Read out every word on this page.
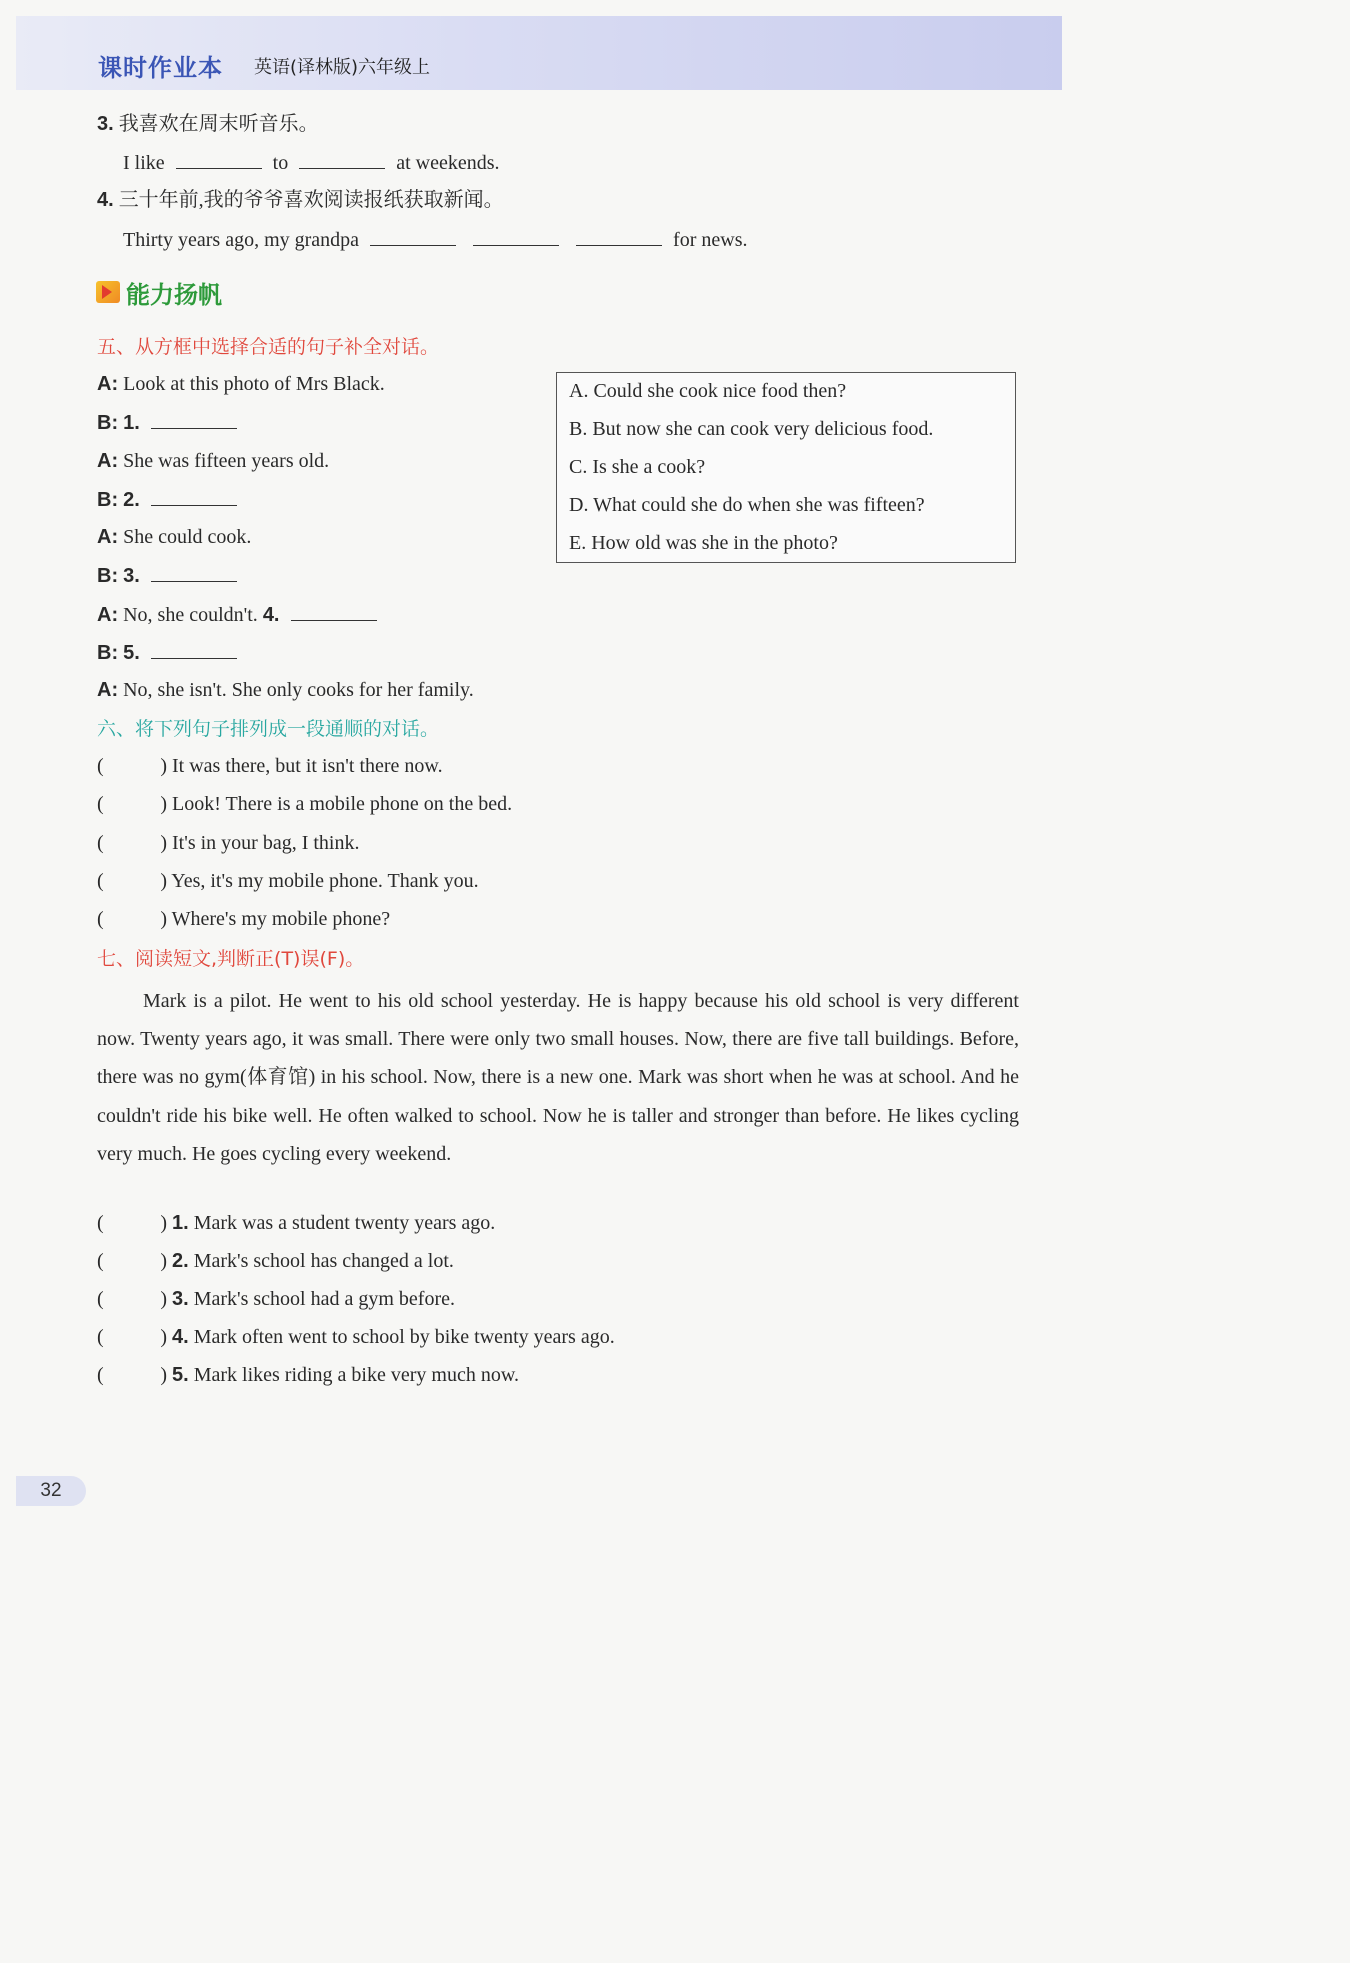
课时作业本 英语(译林版)六年级上
3. 我喜欢在周末听音乐。
I like	to	at weekends.
4. 三十年前,我的爷爷喜欢阅读报纸获取新闻。
Thirty years ago, my grandpa	for news.
能力扬帆
五、从方框中选择合适的句子补全对话。
A: Look at this photo of Mrs Black.
B: 1.
A: She was fifteen years old.
B: 2.
A: She could cook.
B: 3.
A: No, she couldn't. 4.
B: 5.
A: No, she isn't. She only cooks for her family.
A. Could she cook nice food then?
B. But now she can cook very delicious food.
C. Is she a cook?
D. What could she do when she was fifteen?
E. How old was she in the photo?
六、将下列句子排列成一段通顺的对话。
(	) It was there, but it isn't there now.
(	) Look! There is a mobile phone on the bed.
(	) It's in your bag, I think.
(	) Yes, it's my mobile phone. Thank you.
(	) Where's my mobile phone?
七、阅读短文,判断正(T)误(F)。
Mark is a pilot. He went to his old school yesterday. He is happy because his old school is very different now. Twenty years ago, it was small. There were only two small houses. Now, there are five tall buildings. Before, there was no gym(体育馆) in his school. Now, there is a new one. Mark was short when he was at school. And he couldn't ride his bike well. He often walked to school. Now he is taller and stronger than before. He likes cycling very much. He goes cycling every weekend.
(	) 1. Mark was a student twenty years ago.
(	) 2. Mark's school has changed a lot.
(	) 3. Mark's school had a gym before.
(	) 4. Mark often went to school by bike twenty years ago.
(	) 5. Mark likes riding a bike very much now.
32
